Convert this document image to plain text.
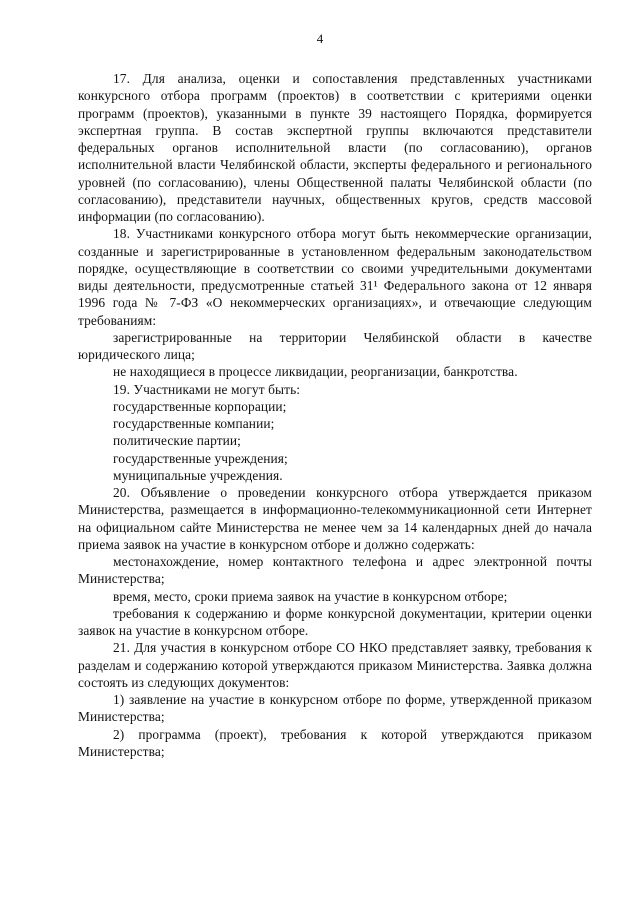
4

17. Для анализа, оценки и сопоставления представленных участниками конкурсного отбора программ (проектов) в соответствии с критериями оценки программ (проектов), указанными в пункте 39 настоящего Порядка, формируется экспертная группа. В состав экспертной группы включаются представители федеральных органов исполнительной власти (по согласованию), органов исполнительной власти Челябинской области, эксперты федерального и регионального уровней (по согласованию), члены Общественной палаты Челябинской области (по согласованию), представители научных, общественных кругов, средств массовой информации (по согласованию).

18. Участниками конкурсного отбора могут быть некоммерческие организации, созданные и зарегистрированные в установленном федеральным законодательством порядке, осуществляющие в соответствии со своими учредительными документами виды деятельности, предусмотренные статьей 31¹ Федерального закона от 12 января 1996 года № 7-ФЗ «О некоммерческих организациях», и отвечающие следующим требованиям:

зарегистрированные на территории Челябинской области в качестве юридического лица;

не находящиеся в процессе ликвидации, реорганизации, банкротства.

19. Участниками не могут быть:

государственные корпорации;

государственные компании;

политические партии;

государственные учреждения;

муниципальные учреждения.

20. Объявление о проведении конкурсного отбора утверждается приказом Министерства, размещается в информационно-телекоммуникационной сети Интернет на официальном сайте Министерства не менее чем за 14 календарных дней до начала приема заявок на участие в конкурсном отборе и должно содержать:

местонахождение, номер контактного телефона и адрес электронной почты Министерства;

время, место, сроки приема заявок на участие в конкурсном отборе;

требования к содержанию и форме конкурсной документации, критерии оценки заявок на участие в конкурсном отборе.

21. Для участия в конкурсном отборе СО НКО представляет заявку, требования к разделам и содержанию которой утверждаются приказом Министерства. Заявка должна состоять из следующих документов:

1) заявление на участие в конкурсном отборе по форме, утвержденной приказом Министерства;

2) программа (проект), требования к которой утверждаются приказом Министерства;
